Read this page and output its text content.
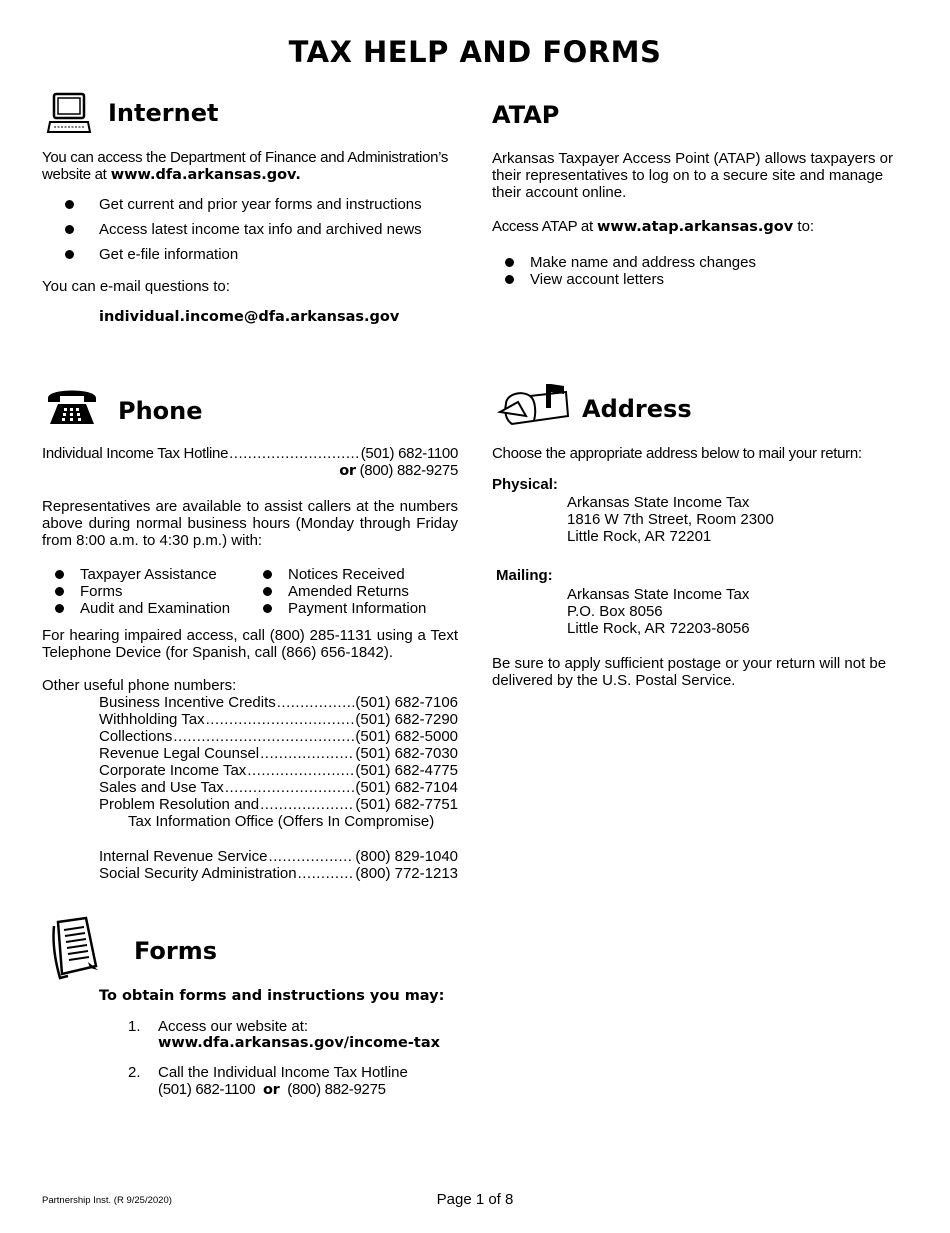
TAX HELP AND FORMS
Internet
You can access the Department of Finance and Administration’s website at www.dfa.arkansas.gov.
Get current and prior year forms and instructions
Access latest income tax info and archived news
Get e-file information
You can e-mail questions to:
individual.income@dfa.arkansas.gov
ATAP
Arkansas Taxpayer Access Point (ATAP) allows taxpayers or their representatives to log on to a secure site and manage their account online.
Access ATAP at www.atap.arkansas.gov to:
Make name and address changes
View account letters
Phone
Individual Income Tax Hotline .....	(501) 682-1100
or (800) 882-9275
Representatives are available to assist callers at the numbers above during normal business hours (Monday through Friday from 8:00 a.m. to 4:30 p.m.) with:
Taxpayer Assistance
Forms
Audit and Examination
Notices Received
Amended Returns
Payment Information
For hearing impaired access, call (800) 285-1131 using a Text Telephone Device (for Spanish, call (866) 656-1842).
Other useful phone numbers:
Business Incentive Credits .....	(501) 682-7106
Withholding Tax .....	(501) 682-7290
Collections .....	(501) 682-5000
Revenue Legal Counsel .....	(501) 682-7030
Corporate Income Tax .....	(501) 682-4775
Sales and Use Tax .....	(501) 682-7104
Problem Resolution and .....	(501) 682-7751
Tax Information Office (Offers In Compromise)
Internal Revenue Service .....	(800) 829-1040
Social Security Administration .....	(800) 772-1213
Address
Choose the appropriate address below to mail your return:
Physical:
Arkansas State Income Tax
1816 W 7th Street, Room 2300
Little Rock, AR 72201
Mailing:
Arkansas State Income Tax
P.O. Box 8056
Little Rock, AR 72203-8056
Be sure to apply sufficient postage or your return will not be delivered by the U.S. Postal Service.
Forms
To obtain forms and instructions you may:
1. Access our website at:
www.dfa.arkansas.gov/income-tax
2. Call the Individual Income Tax Hotline
(501) 682-1100 or (800) 882-9275
Partnership Inst. (R 9/25/2020)	Page 1 of 8
